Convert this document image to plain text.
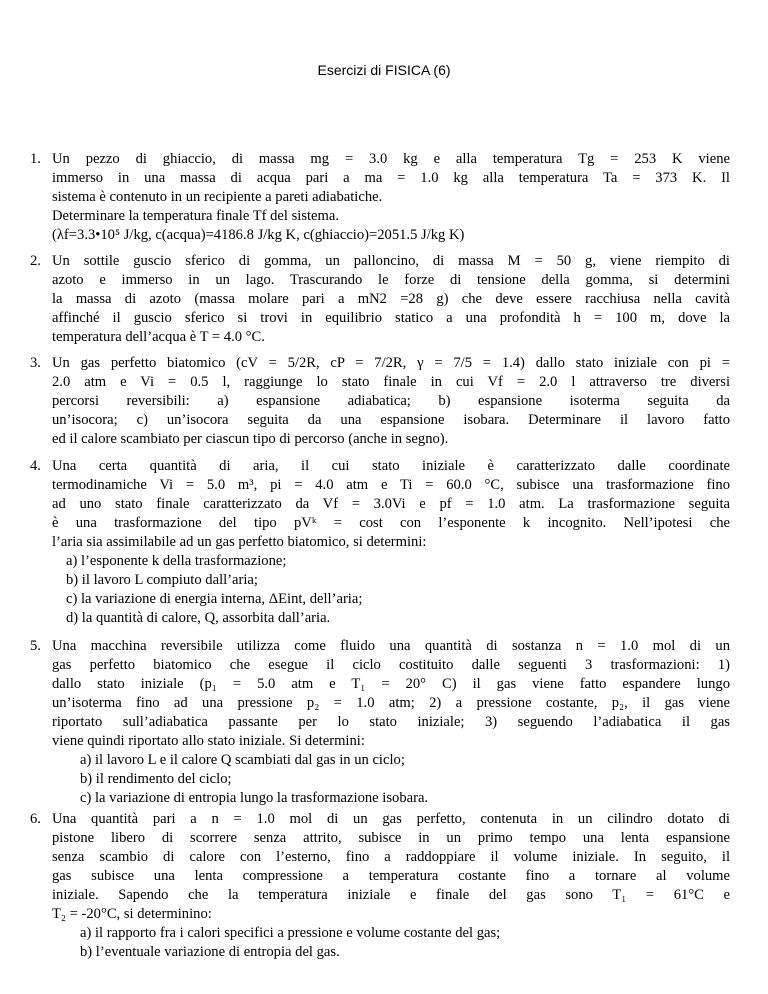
Esercizi di FISICA (6)
1. Un pezzo di ghiaccio, di massa mg = 3.0 kg e alla temperatura Tg = 253 K viene
immerso in una massa di acqua pari a ma = 1.0 kg alla temperatura Ta = 373 K. Il
sistema è contenuto in un recipiente a pareti adiabatiche.
Determinare la temperatura finale Tf del sistema.
(λf=3.3•10⁵ J/kg, c(acqua)=4186.8 J/kg K, c(ghiaccio)=2051.5 J/kg K)
2. Un sottile guscio sferico di gomma, un palloncino, di massa M = 50 g, viene riempito di
azoto e immerso in un lago. Trascurando le forze di tensione della gomma, si determini
la massa di azoto (massa molare pari a mN2 =28 g) che deve essere racchiusa nella cavità
affinché il guscio sferico si trovi in equilibrio statico a una profondità h = 100 m, dove la
temperatura dell’acqua è T = 4.0 °C.
3. Un gas perfetto biatomico (cV = 5/2R, cP = 7/2R, γ = 7/5 = 1.4) dallo stato iniziale con pi =
2.0 atm e Vi = 0.5 l, raggiunge lo stato finale in cui Vf = 2.0 l attraverso tre diversi
percorsi reversibili: a) espansione adiabatica; b) espansione isoterma seguita da
un’isocora; c) un’isocora seguita da una espansione isobara. Determinare il lavoro fatto
ed il calore scambiato per ciascun tipo di percorso (anche in segno).
4. Una certa quantità di aria, il cui stato iniziale è caratterizzato dalle coordinate
termodinamiche Vi = 5.0 m³, pi = 4.0 atm e Ti = 60.0 °C, subisce una trasformazione fino
ad uno stato finale caratterizzato da Vf = 3.0Vi e pf = 1.0 atm. La trasformazione seguita
è una trasformazione del tipo pVᵏ = cost con l’esponente k incognito. Nell’ipotesi che
l’aria sia assimilabile ad un gas perfetto biatomico, si determini:
a) l’esponente k della trasformazione;
b) il lavoro L compiuto dall’aria;
c) la variazione di energia interna, ΔEint, dell’aria;
d) la quantità di calore, Q, assorbita dall’aria.
5. Una macchina reversibile utilizza come fluido una quantità di sostanza n = 1.0 mol di un
gas perfetto biatomico che esegue il ciclo costituito dalle seguenti 3 trasformazioni: 1)
dallo stato iniziale (p₁ = 5.0 atm e T₁ = 20° C) il gas viene fatto espandere lungo
un’isoterma fino ad una pressione p₂ = 1.0 atm; 2) a pressione costante, p₂, il gas viene
riportato sull’adiabatica passante per lo stato iniziale; 3) seguendo l’adiabatica il gas
viene quindi riportato allo stato iniziale. Si determini:
a) il lavoro L e il calore Q scambiati dal gas in un ciclo;
b) il rendimento del ciclo;
c) la variazione di entropia lungo la trasformazione isobara.
6. Una quantità pari a n = 1.0 mol di un gas perfetto, contenuta in un cilindro dotato di
pistone libero di scorrere senza attrito, subisce in un primo tempo una lenta espansione
senza scambio di calore con l’esterno, fino a raddoppiare il volume iniziale. In seguito, il
gas subisce una lenta compressione a temperatura costante fino a tornare al volume
iniziale. Sapendo che la temperatura iniziale e finale del gas sono T₁ = 61°C e
T₂ = -20°C, si determinino:
a) il rapporto fra i calori specifici a pressione e volume costante del gas;
b) l’eventuale variazione di entropia del gas.
